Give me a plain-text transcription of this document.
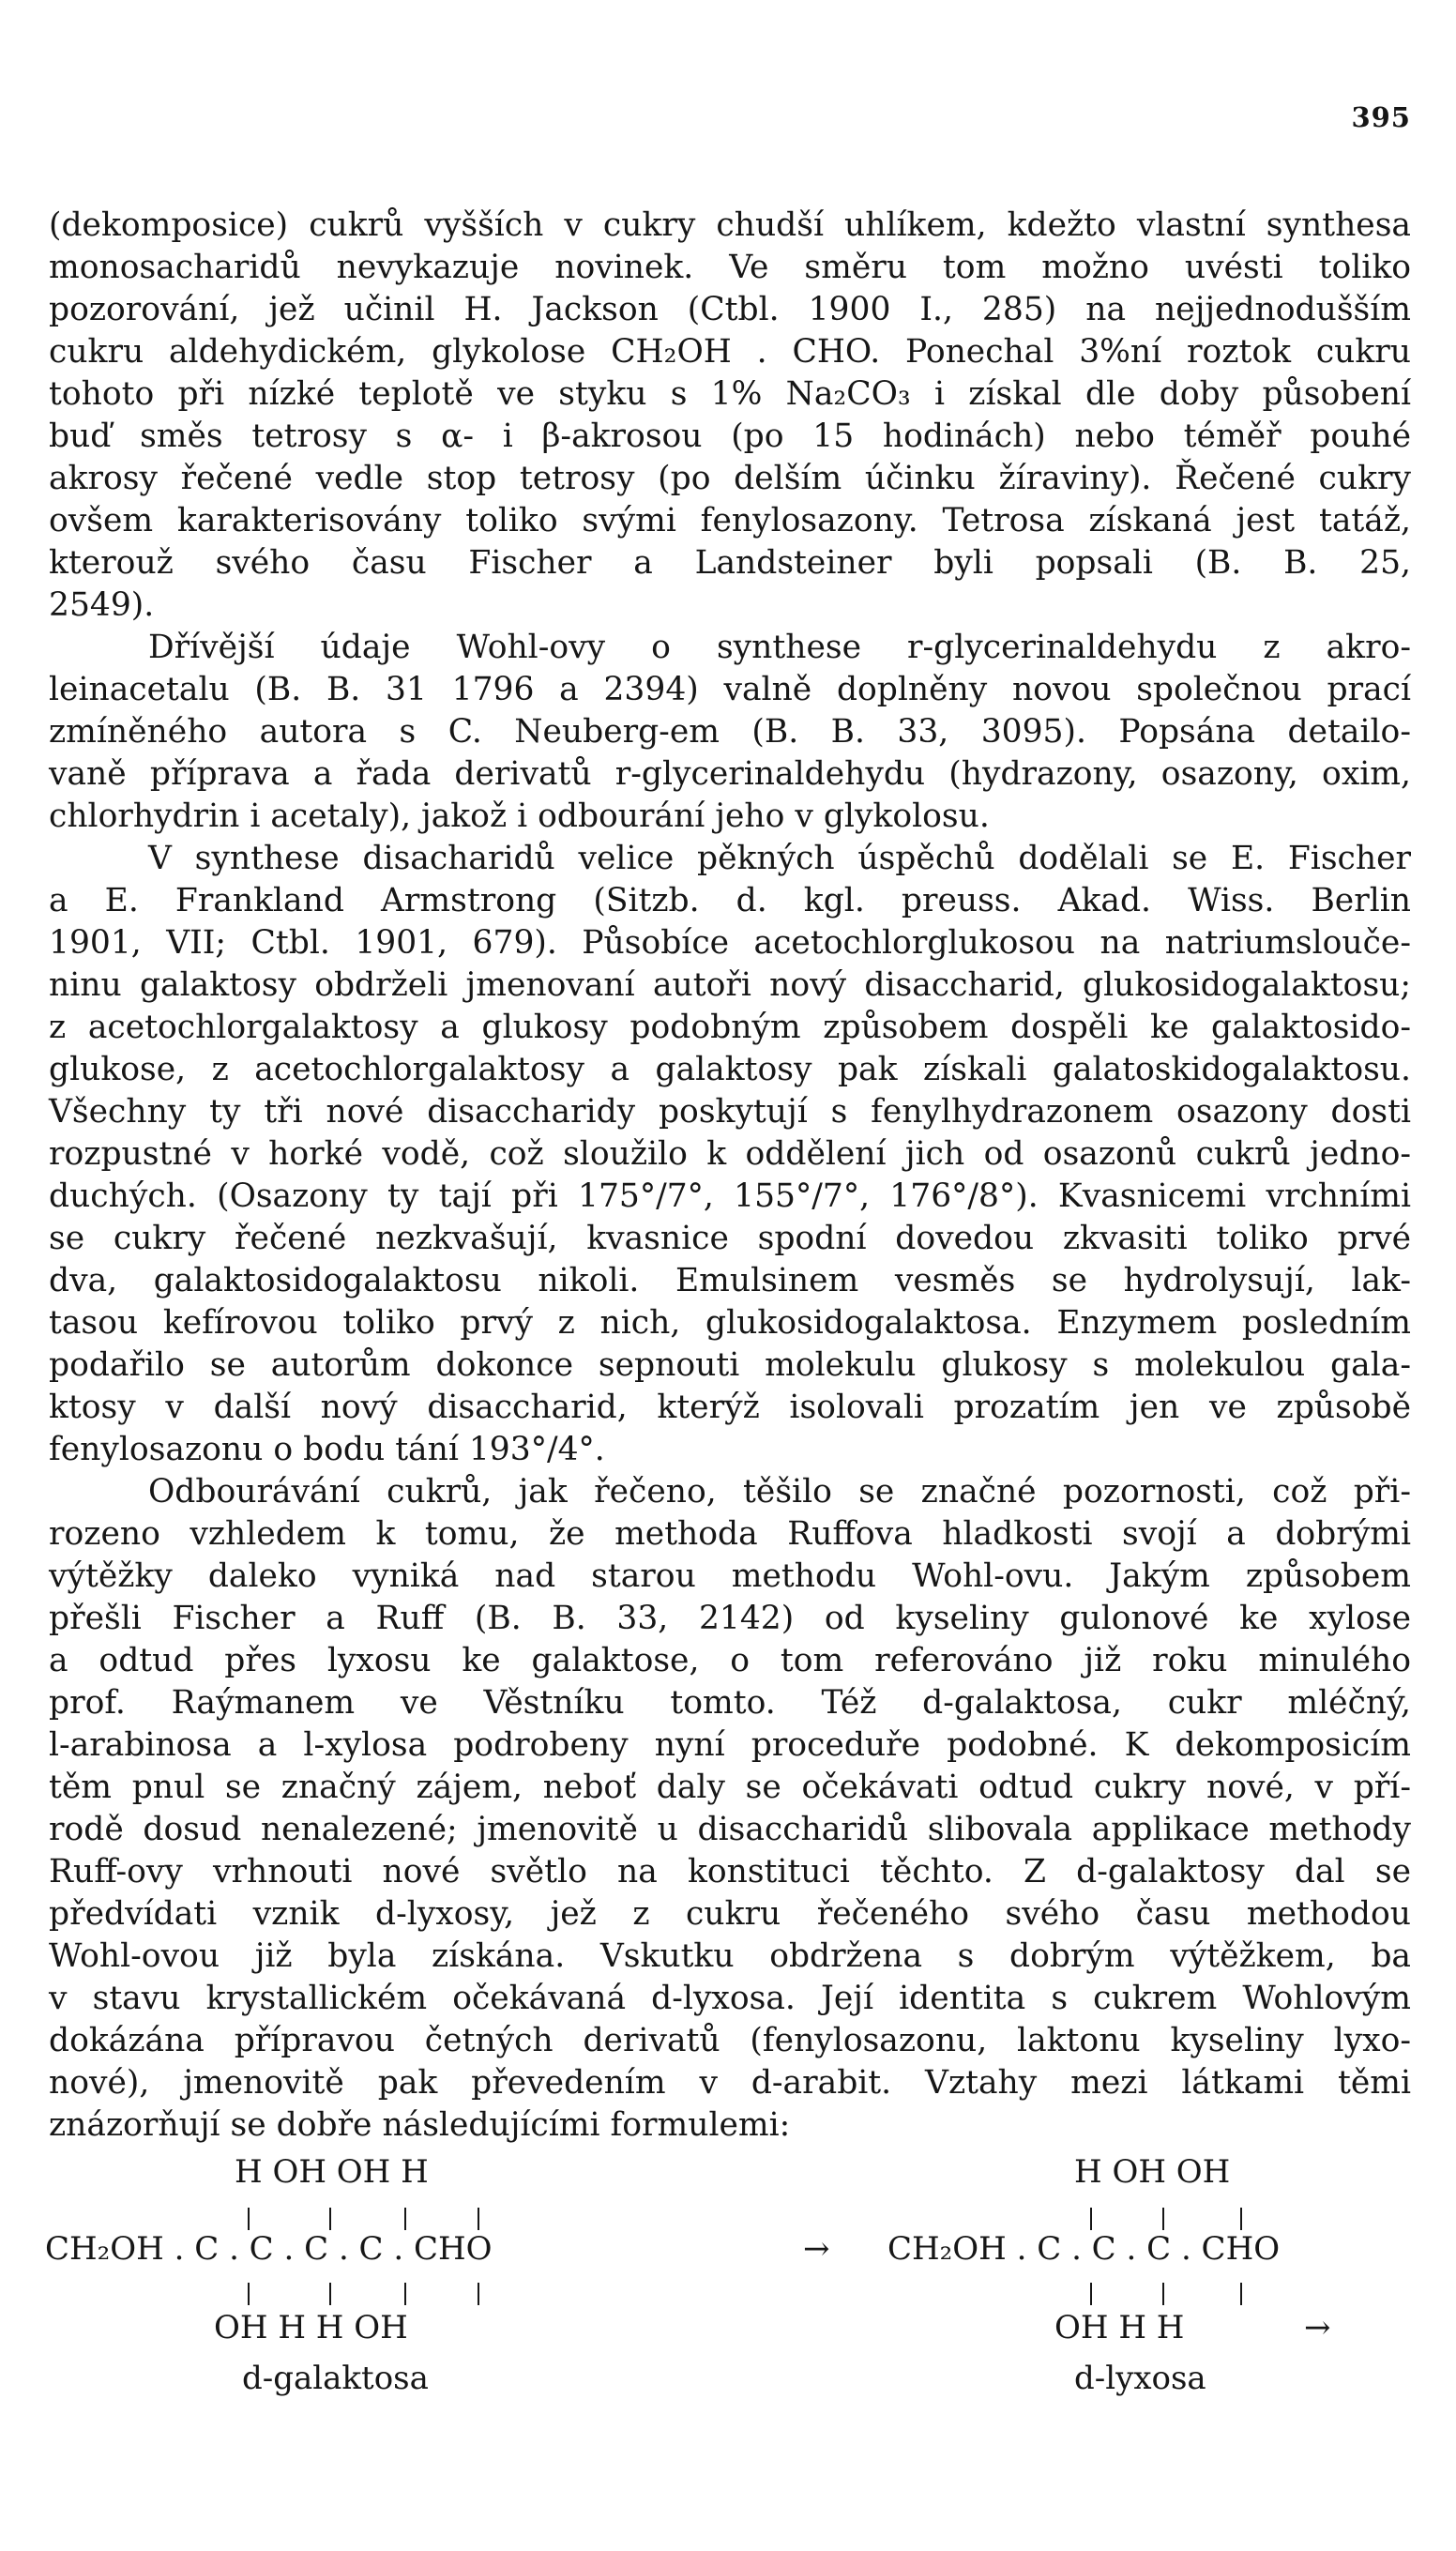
395
(dekomposice) cukrů vyšších v cukry chudší uhlíkem, kdežto vlastní synthesa
monosacharidů nevykazuje novinek. Ve směru tom možno uvésti toliko
pozorování, jež učinil H. Jackson (Ctbl. 1900 I., 285) na nejjednodušším
cukru aldehydickém, glykolose CH₂OH . CHO. Ponechal 3%ní roztok cukru
tohoto při nízké teplotě ve styku s 1% Na₂CO₃ i získal dle doby působení
buď směs tetrosy s α- i β-akrosou (po 15 hodinách) nebo téměř pouhé
akrosy řečené vedle stop tetrosy (po delším účinku žíraviny). Řečené cukry
ovšem karakterisovány toliko svými fenylosazony. Tetrosa získaná jest tatáž,
kterouž svého času Fischer a Landsteiner byli popsali (B. B. 25,
2549).
Dřívější údaje Wohl-ovy o synthese r-glycerinaldehydu z akro-
leinacetalu (B. B. 31 1796 a 2394) valně doplněny novou společnou prací
zmíněného autora s C. Neuberg-em (B. B. 33, 3095). Popsána detailo-
vaně příprava a řada derivatů r-glycerinaldehydu (hydrazony, osazony, oxim,
chlorhydrin i acetaly), jakož i odbourání jeho v glykolosu.
V synthese disacharidů velice pěkných úspěchů dodělali se E. Fischer
a E. Frankland Armstrong (Sitzb. d. kgl. preuss. Akad. Wiss. Berlin
1901, VII; Ctbl. 1901, 679). Působíce acetochlorglukosou na natriumslouče-
ninu galaktosy obdrželi jmenovaní autoři nový disaccharid, glukosidogalaktosu;
z acetochlorgalaktosy a glukosy podobným způsobem dospěli ke galaktosido-
glukose, z acetochlorgalaktosy a galaktosy pak získali galatoskidogalaktosu.
Všechny ty tři nové disaccharidy poskytují s fenylhydrazonem osazony dosti
rozpustné v horké vodě, což sloužilo k oddělení jich od osazonů cukrů jedno-
duchých. (Osazony ty tají při 175°/7°, 155°/7°, 176°/8°). Kvasnicemi vrchními
se cukry řečené nezkvašují, kvasnice spodní dovedou zkvasiti toliko prvé
dva, galaktosidogalaktosu nikoli. Emulsinem vesměs se hydrolysují, lak-
tasou kefírovou toliko prvý z nich, glukosidogalaktosa. Enzymem posledním
podařilo se autorům dokonce sepnouti molekulu glukosy s molekulou gala-
ktosy v další nový disaccharid, kterýž isolovali prozatím jen ve způsobě
fenylosazonu o bodu tání 193°/4°.
Odbourávání cukrů, jak řečeno, těšilo se značné pozornosti, což při-
rozeno vzhledem k tomu, že methoda Ruffova hladkosti svojí a dobrými
výtěžky daleko vyniká nad starou methodu Wohl-ovu. Jakým způsobem
přešli Fischer a Ruff (B. B. 33, 2142) od kyseliny gulonové ke xylose
a odtud přes lyxosu ke galaktose, o tom referováno již roku minulého
prof. Raýmanem ve Věstníku tomto. Též d-galaktosa, cukr mléčný,
l-arabinosa a l-xylosa podrobeny nyní proceduře podobné. K dekomposicím
těm pnul se značný zájem, neboť daly se očekávati odtud cukry nové, v pří-
rodě dosud nenalezené; jmenovitě u disaccharidů slibovala applikace methody
Ruff-ovy vrhnouti nové světlo na konstituci těchto. Z d-galaktosy dal se
předvídati vznik d-lyxosy, jež z cukru řečeného svého času methodou
Wohl-ovou již byla získána. Vskutku obdržena s dobrým výtěžkem, ba
v stavu krystallickém očekávaná d-lyxosa. Její identita s cukrem Wohlovým
dokázána přípravou četných derivatů (fenylosazonu, laktonu kyseliny lyxo-
nové), jmenovitě pak převedením v d-arabit. Vztahy mezi látkami těmi
znázorňují se dobře následujícími formulemi:
H OH OH H
CH₂OH . C . C . C . C . CHO
OH H H OH
d-galaktosa
→
H OH OH
CH₂OH . C . C . C . CHO
OH H H
d-lyxosa
→
